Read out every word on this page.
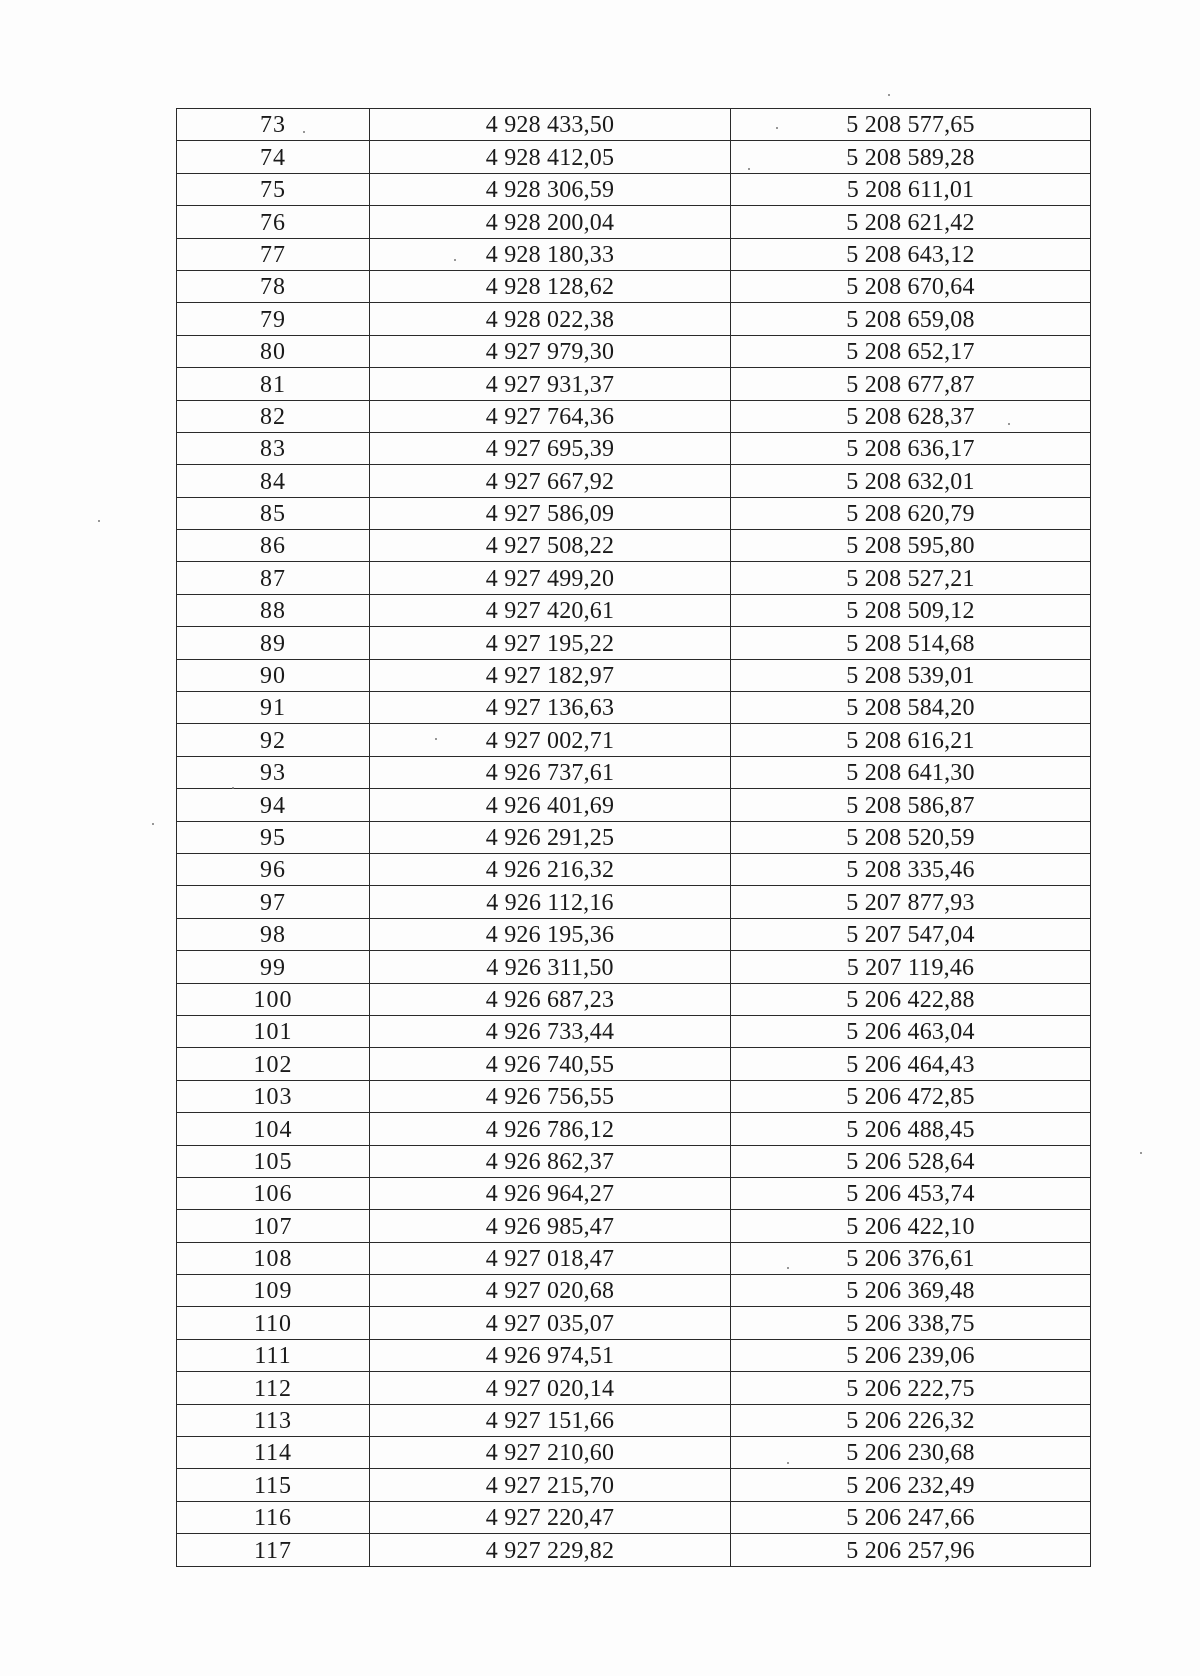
73	4 928 433,50	5 208 577,65
74	4 928 412,05	5 208 589,28
75	4 928 306,59	5 208 611,01
76	4 928 200,04	5 208 621,42
77	4 928 180,33	5 208 643,12
78	4 928 128,62	5 208 670,64
79	4 928 022,38	5 208 659,08
80	4 927 979,30	5 208 652,17
81	4 927 931,37	5 208 677,87
82	4 927 764,36	5 208 628,37
83	4 927 695,39	5 208 636,17
84	4 927 667,92	5 208 632,01
85	4 927 586,09	5 208 620,79
86	4 927 508,22	5 208 595,80
87	4 927 499,20	5 208 527,21
88	4 927 420,61	5 208 509,12
89	4 927 195,22	5 208 514,68
90	4 927 182,97	5 208 539,01
91	4 927 136,63	5 208 584,20
92	4 927 002,71	5 208 616,21
93	4 926 737,61	5 208 641,30
94	4 926 401,69	5 208 586,87
95	4 926 291,25	5 208 520,59
96	4 926 216,32	5 208 335,46
97	4 926 112,16	5 207 877,93
98	4 926 195,36	5 207 547,04
99	4 926 311,50	5 207 119,46
100	4 926 687,23	5 206 422,88
101	4 926 733,44	5 206 463,04
102	4 926 740,55	5 206 464,43
103	4 926 756,55	5 206 472,85
104	4 926 786,12	5 206 488,45
105	4 926 862,37	5 206 528,64
106	4 926 964,27	5 206 453,74
107	4 926 985,47	5 206 422,10
108	4 927 018,47	5 206 376,61
109	4 927 020,68	5 206 369,48
110	4 927 035,07	5 206 338,75
111	4 926 974,51	5 206 239,06
112	4 927 020,14	5 206 222,75
113	4 927 151,66	5 206 226,32
114	4 927 210,60	5 206 230,68
115	4 927 215,70	5 206 232,49
116	4 927 220,47	5 206 247,66
117	4 927 229,82	5 206 257,96
